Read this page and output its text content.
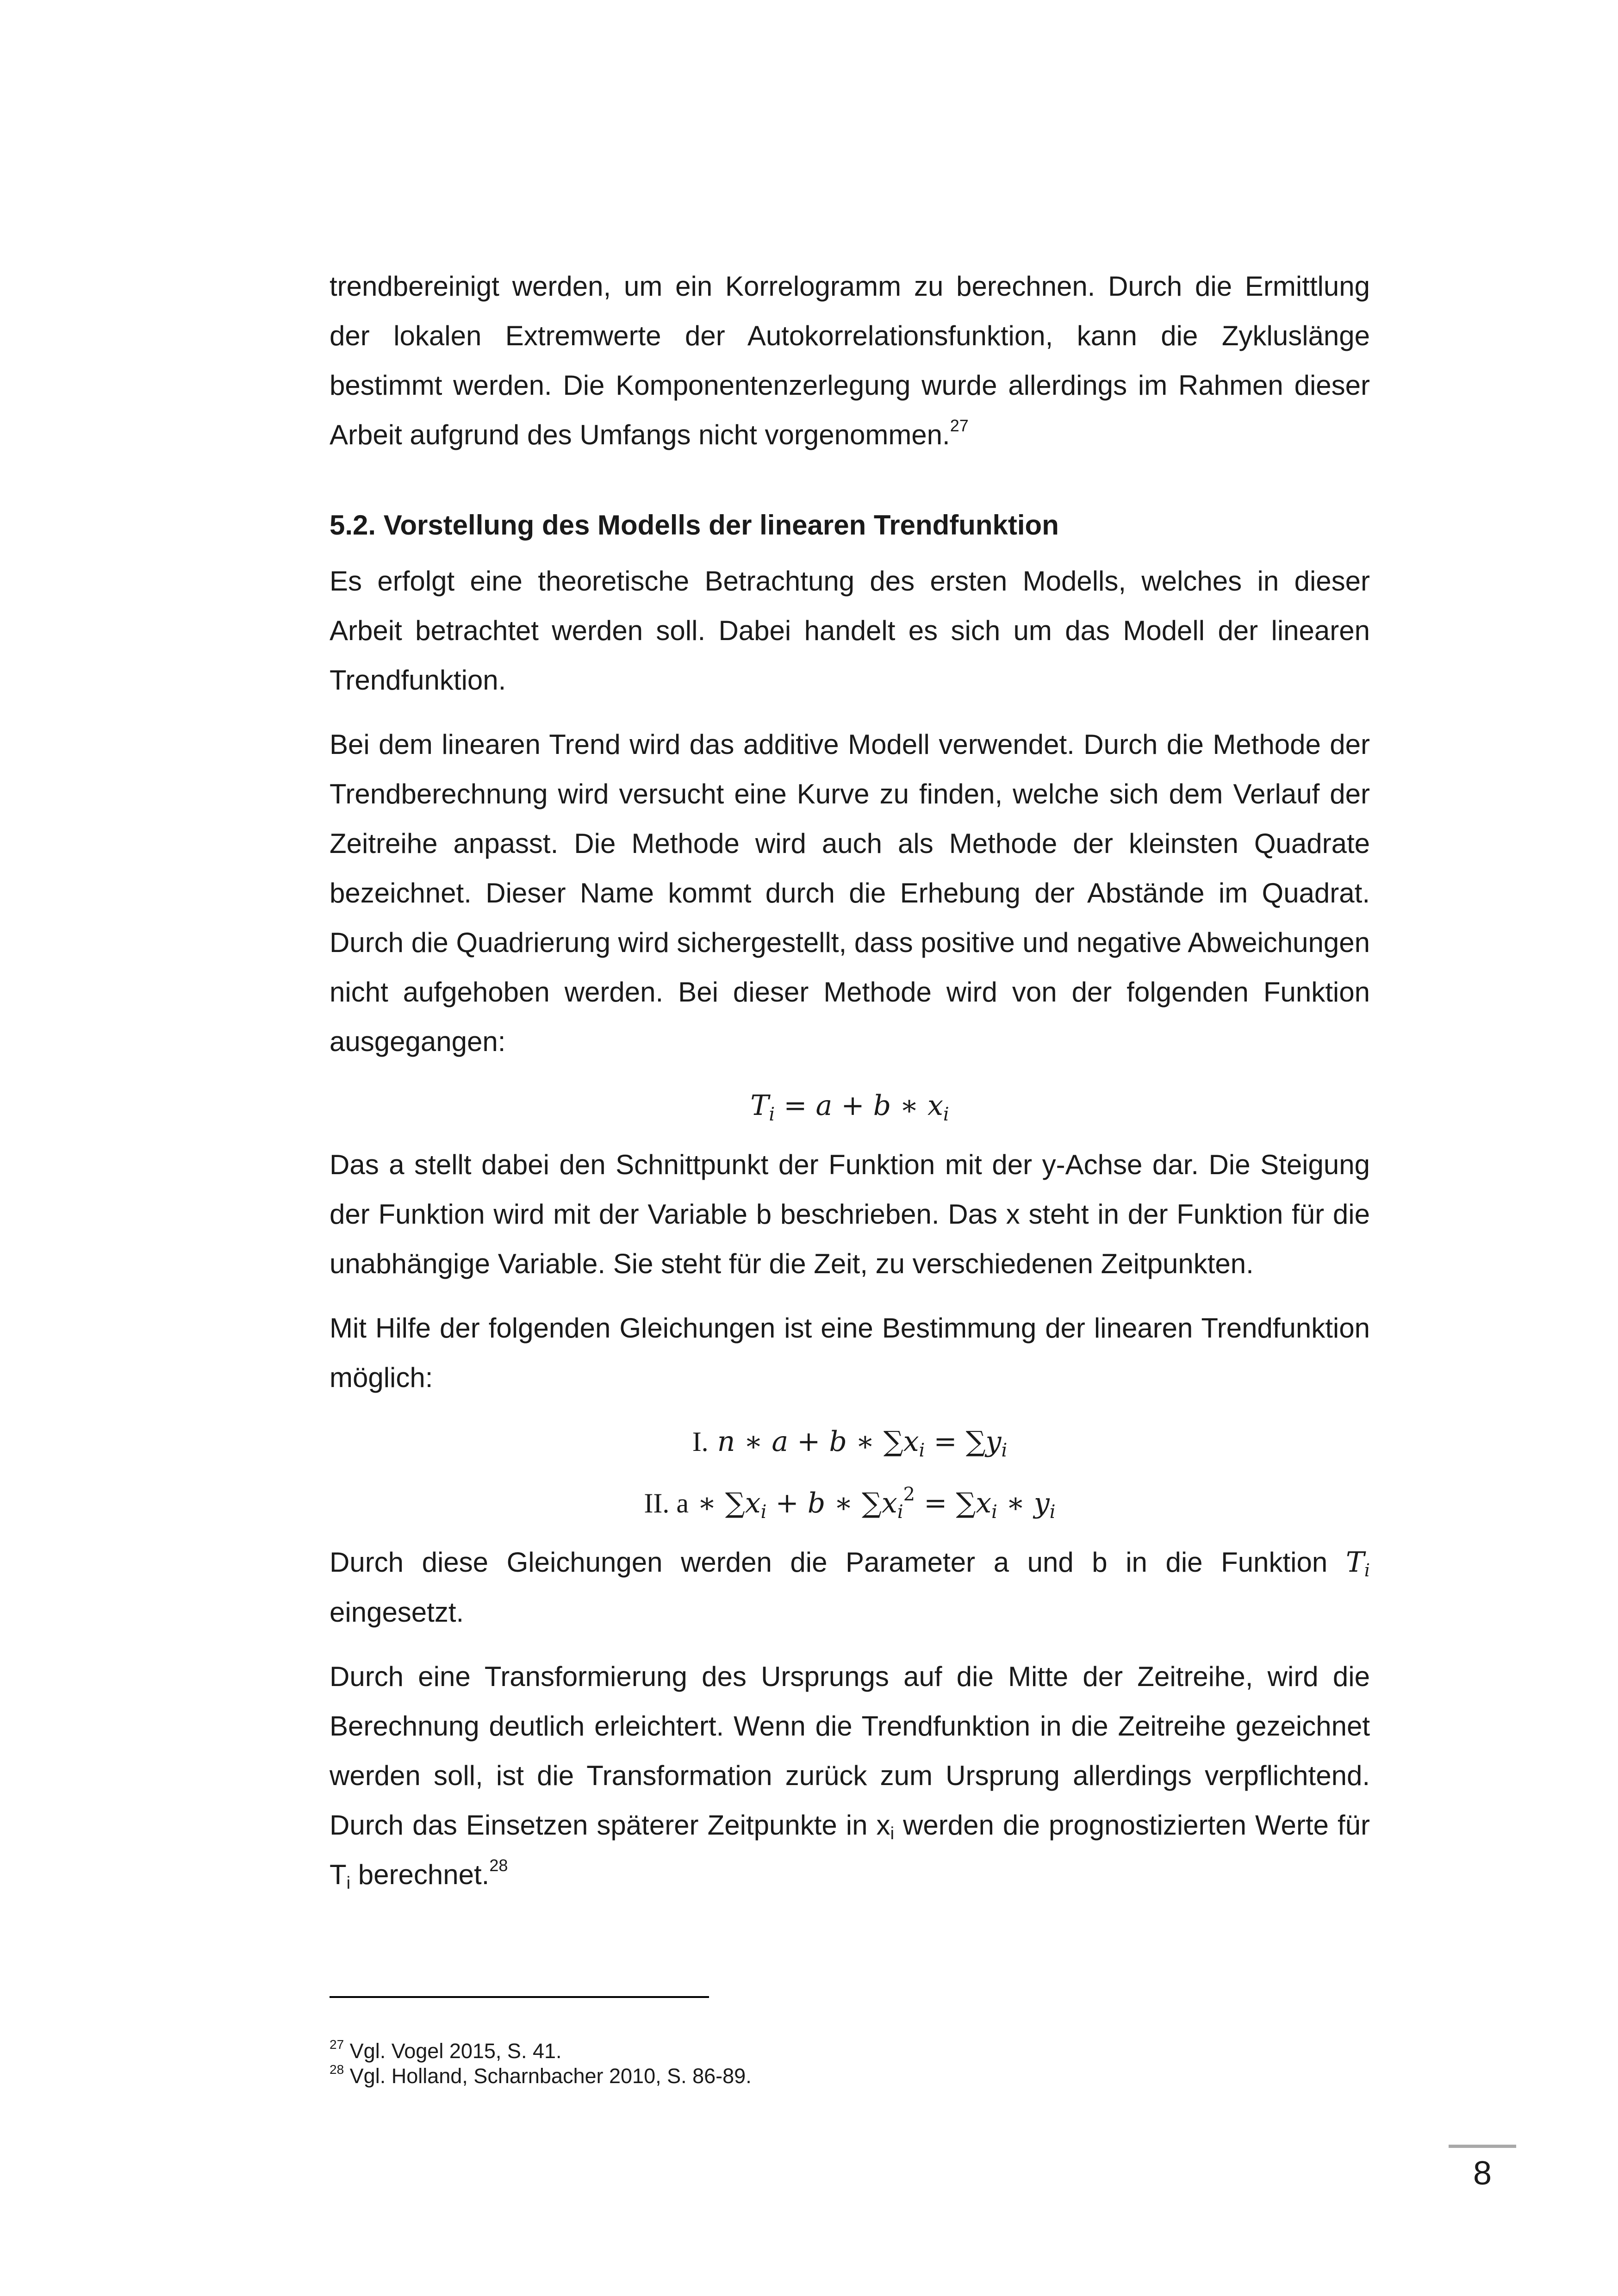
trendbereinigt werden, um ein Korrelogramm zu berechnen. Durch die Ermittlung der lokalen Extremwerte der Autokorrelationsfunktion, kann die Zykluslänge bestimmt werden. Die Komponentenzerlegung wurde allerdings im Rahmen dieser Arbeit aufgrund des Umfangs nicht vorgenommen.$^{27}$

5.2. Vorstellung des Modells der linearen Trendfunktion

Es erfolgt eine theoretische Betrachtung des ersten Modells, welches in dieser Arbeit betrachtet werden soll. Dabei handelt es sich um das Modell der linearen Trendfunktion.

Bei dem linearen Trend wird das additive Modell verwendet. Durch die Methode der Trendberechnung wird versucht eine Kurve zu finden, welche sich dem Verlauf der Zeitreihe anpasst. Die Methode wird auch als Methode der kleinsten Quadrate bezeichnet. Dieser Name kommt durch die Erhebung der Abstände im Quadrat. Durch die Quadrierung wird sichergestellt, dass positive und negative Abweichungen nicht aufgehoben werden. Bei dieser Methode wird von der folgenden Funktion ausgegangen:

$T_i = a + b$ ∗ $x_i$

Das a stellt dabei den Schnittpunkt der Funktion mit der y-Achse dar. Die Steigung der Funktion wird mit der Variable b beschrieben. Das x steht in der Funktion für die unabhängige Variable. Sie steht für die Zeit, zu verschiedenen Zeitpunkten.

Mit Hilfe der folgenden Gleichungen ist eine Bestimmung der linearen Trendfunktion möglich:

I. n ∗ a + b ∗ $\sum x_i = \sum y_i$
II. a ∗ $\sum x_i + b$ ∗ $\sum x_i^2 = \sum x_i$ ∗ $y_i$

Durch diese Gleichungen werden die Parameter a und b in die Funktion $T_i$ eingesetzt.

Durch eine Transformierung des Ursprungs auf die Mitte der Zeitreihe, wird die Berechnung deutlich erleichtert. Wenn die Trendfunktion in die Zeitreihe gezeichnet werden soll, ist die Transformation zurück zum Ursprung allerdings verpflichtend. Durch das Einsetzen späterer Zeitpunkte in $x_i$ werden die prognostizierten Werte für $T_i$ berechnet.$^{28}$

$^{27}$ Vgl. Vogel 2015, S. 41.
$^{28}$ Vgl. Holland, Scharnbacher 2010, S. 86-89.
8
